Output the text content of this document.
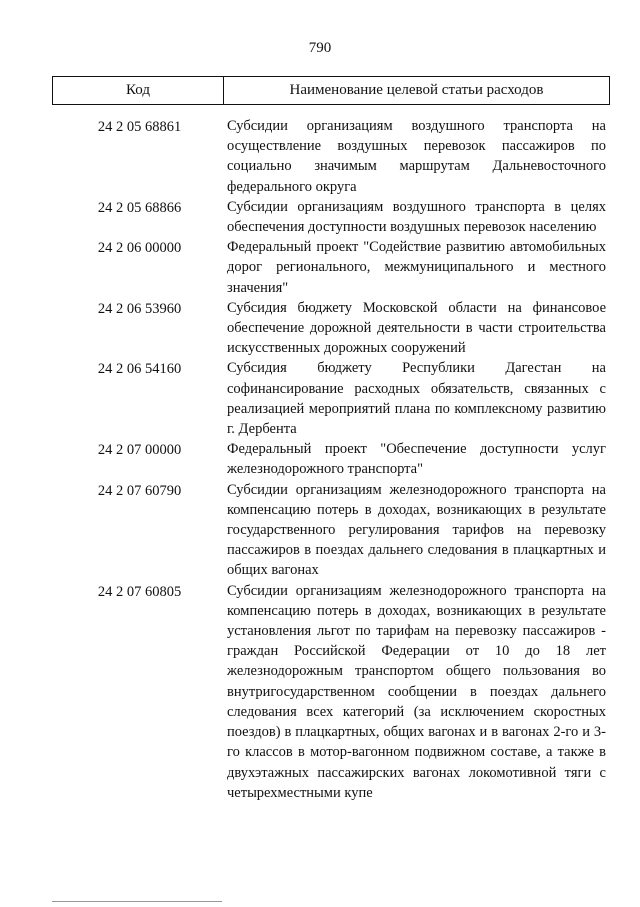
790
Код	Наименование целевой статьи расходов
24 2 05 68861	Субсидии организациям воздушного транспорта на осуществление воздушных перевозок пассажиров по социально значимым маршрутам Дальневосточного федерального округа
24 2 05 68866	Субсидии организациям воздушного транспорта в целях обеспечения доступности воздушных перевозок населению
24 2 06 00000	Федеральный проект "Содействие развитию автомобильных дорог регионального, межмуниципального и местного значения"
24 2 06 53960	Субсидия бюджету Московской области на финансовое обеспечение дорожной деятельности в части строительства искусственных дорожных сооружений
24 2 06 54160	Субсидия бюджету Республики Дагестан на софинансирование расходных обязательств, связанных с реализацией мероприятий плана по комплексному развитию г. Дербента
24 2 07 00000	Федеральный проект "Обеспечение доступности услуг железнодорожного транспорта"
24 2 07 60790	Субсидии организациям железнодорожного транспорта на компенсацию потерь в доходах, возникающих в результате государственного регулирования тарифов на перевозку пассажиров в поездах дальнего следования в плацкартных и общих вагонах
24 2 07 60805	Субсидии организациям железнодорожного транспорта на компенсацию потерь в доходах, возникающих в результате установления льгот по тарифам на перевозку пассажиров - граждан Российской Федерации от 10 до 18 лет железнодорожным транспортом общего пользования во внутригосударственном сообщении в поездах дальнего следования всех категорий (за исключением скоростных поездов) в плацкартных, общих вагонах и в вагонах 2-го и 3-го классов в мотор-вагонном подвижном составе, а также в двухэтажных пассажирских вагонах локомотивной тяги с четырехместными купе
